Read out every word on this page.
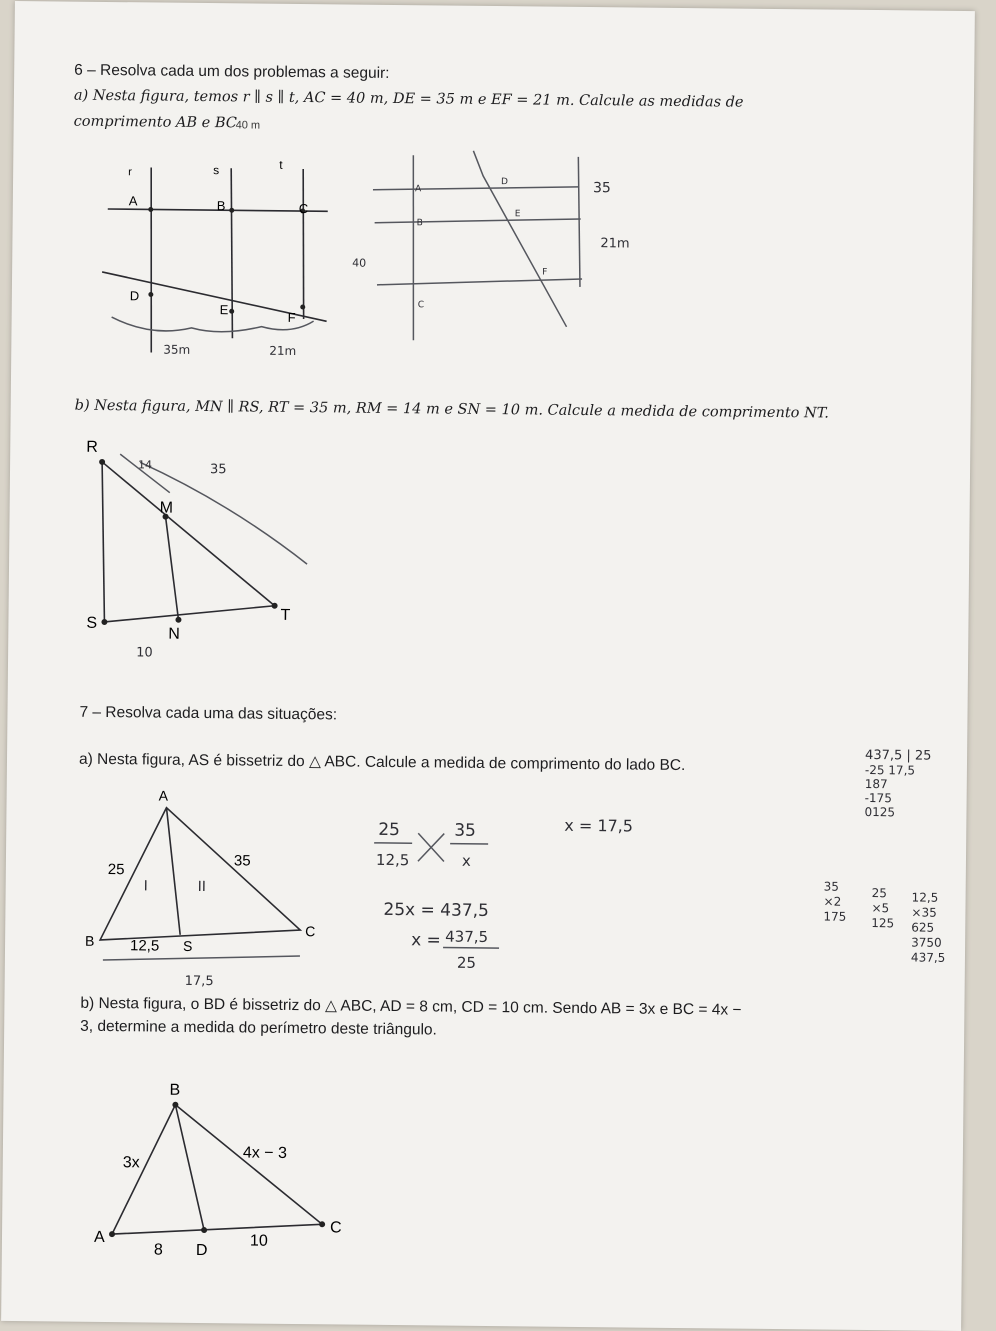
6 – Resolva cada um dos problemas a seguir:
a) Nesta figura, temos r ∥ s ∥ t, AC = 40 m, DE = 35 m e EF = 21 m. Calcule as medidas de
comprimento AB e BC
40 m
r	s	t
A	B	C
D
E
F
35m	21m
A
D
B
E
F
C
35
21m
40
b) Nesta figura, MN ∥ RS, RT = 35 m, RM = 14 m e SN = 10 m. Calcule a medida de comprimento NT.
R
M
S
N
T
14	35
10
7 – Resolva cada uma das situações:
a) Nesta figura, AS é bissetriz do △ ABC. Calcule a medida de comprimento do lado BC.
A
B
C
S
25
35
12,5
I	II
17,5
25
12,5
35
x
x = 17,5
25x = 437,5
x = 437,5
25
437,5 | 25
-25 17,5
187
-175
0125
35
×2
175
25
×5
125
12,5
×35
625
3750
437,5
b) Nesta figura, o BD é bissetriz do △ ABC, AD = 8 cm, CD = 10 cm. Sendo AB = 3x e BC = 4x −
3, determine a medida do perímetro deste triângulo.
B
A
C
D
3x
4x − 3
8
10
